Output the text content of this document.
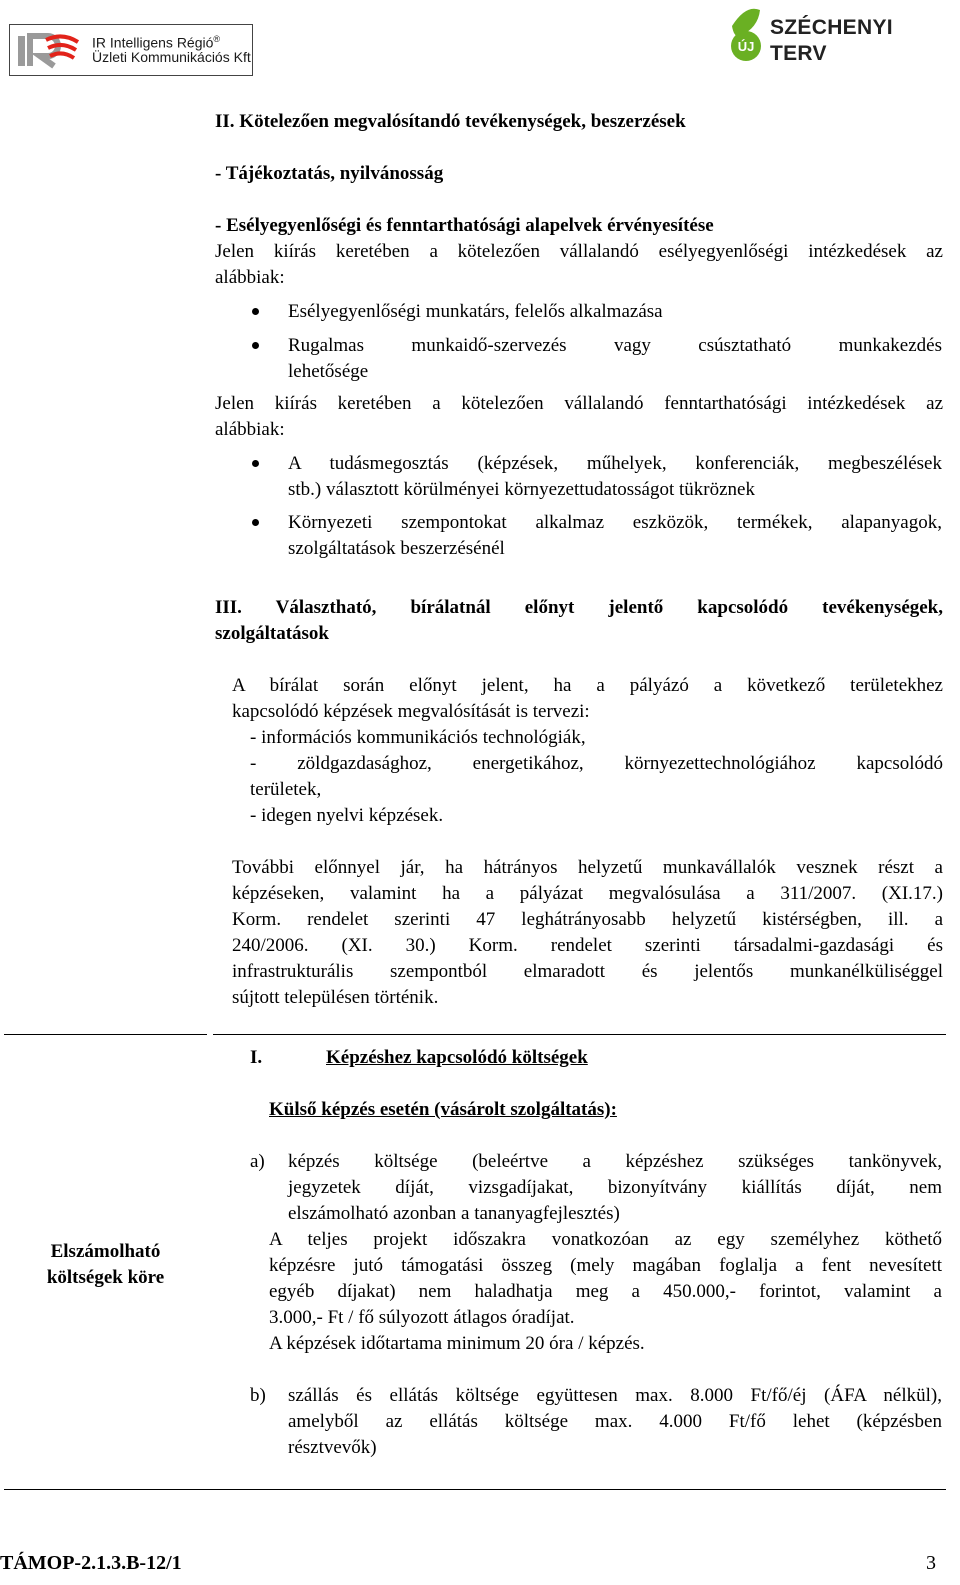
IR Intelligens Régió®
Üzleti Kommunikációs Kft
ÚJ
SZÉCHENYI TERV
II. Kötelezően megvalósítandó tevékenységek, beszerzések
- Tájékoztatás, nyilvánosság
- Esélyegyenlőségi és fenntarthatósági alapelvek érvényesítése
Jelen kiírás keretében a kötelezően vállalandó esélyegyenlőségi intézkedések az
alábbiak:
Esélyegyenlőségi munkatárs, felelős alkalmazása
Rugalmas munkaidő-szervezés vagy csúsztatható munkakezdés
lehetősége
Jelen kiírás keretében a kötelezően vállalandó fenntarthatósági intézkedések az
alábbiak:
A tudásmegosztás (képzések, műhelyek, konferenciák, megbeszélések
stb.) választott körülményei környezettudatosságot tükröznek
Környezeti szempontokat alkalmaz eszközök, termékek, alapanyagok,
szolgáltatások beszerzésénél
III. Választható, bírálatnál előnyt jelentő kapcsolódó tevékenységek,
szolgáltatások
A bírálat során előnyt jelent, ha a pályázó a következő területekhez
kapcsolódó képzések megvalósítását is tervezi:
- információs kommunikációs technológiák,
- zöldgazdasághoz, energetikához, környezettechnológiához kapcsolódó
területek,
- idegen nyelvi képzések.
További előnnyel jár, ha hátrányos helyzetű munkavállalók vesznek részt a
képzéseken, valamint ha a pályázat megvalósulása a 311/2007. (XI.17.)
Korm. rendelet szerinti 47 leghátrányosabb helyzetű kistérségben, ill. a
240/2006. (XI. 30.) Korm. rendelet szerinti társadalmi-gazdasági és
infrastrukturális szempontból elmaradott és jelentős munkanélküliséggel
sújtott településen történik.
Elszámolható
költségek köre
I.	Képzéshez kapcsolódó költségek
Külső képzés esetén (vásárolt szolgáltatás):
a) képzés költsége (beleértve a képzéshez szükséges tankönyvek,
jegyzetek díját, vizsgadíjakat, bizonyítvány kiállítás díját, nem
elszámolható azonban a tananyagfejlesztés)
A teljes projekt időszakra vonatkozóan az egy személyhez köthető
képzésre jutó támogatási összeg (mely magában foglalja a fent nevesített
egyéb díjakat) nem haladhatja meg a 450.000,- forintot, valamint a
3.000,- Ft / fő súlyozott átlagos óradíjat.
A képzések időtartama minimum 20 óra / képzés.
b) szállás és ellátás költsége együttesen max. 8.000 Ft/fő/éj (ÁFA nélkül),
amelyből az ellátás költsége max. 4.000 Ft/fő lehet (képzésben
résztvevők)
TÁMOP-2.1.3.B-12/1	3
